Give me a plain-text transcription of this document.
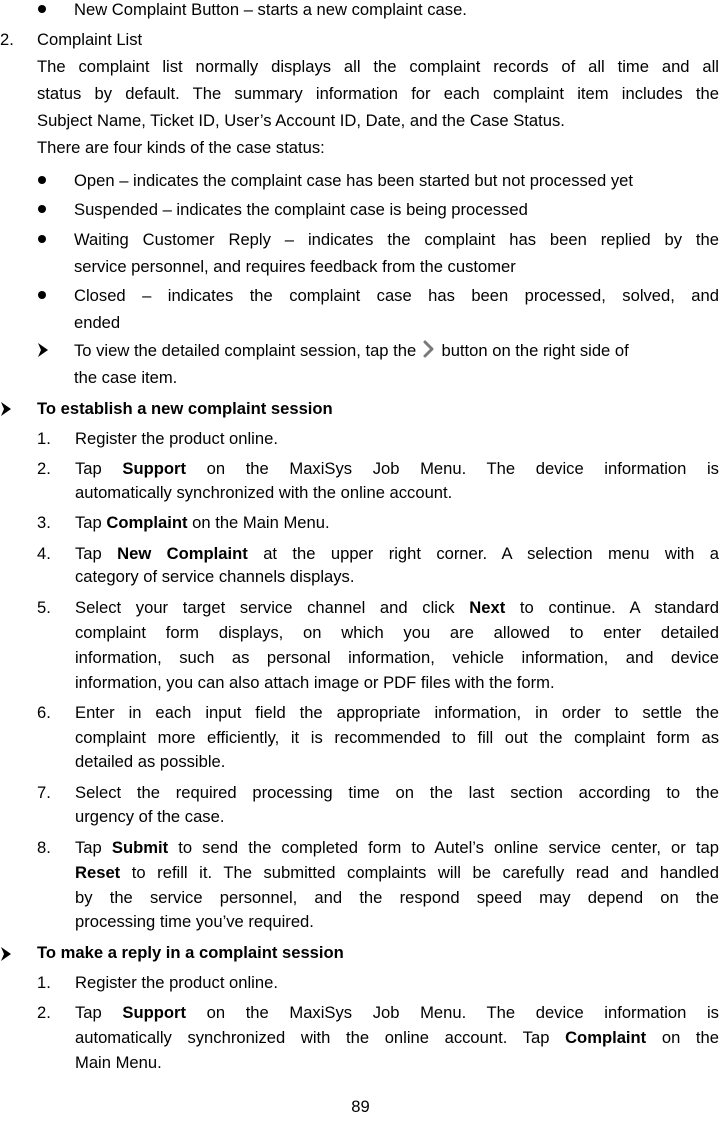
New Complaint Button – starts a new complaint case.
2. Complaint List
The complaint list normally displays all the complaint records of all time and all
status by default. The summary information for each complaint item includes the
Subject Name, Ticket ID, User’s Account ID, Date, and the Case Status.
There are four kinds of the case status:
Open – indicates the complaint case has been started but not processed yet
Suspended – indicates the complaint case is being processed
Waiting Customer Reply – indicates the complaint has been replied by the
service personnel, and requires feedback from the customer
Closed – indicates the complaint case has been processed, solved, and
ended
To view the detailed complaint session, tap the button on the right side of
the case item.
To establish a new complaint session
1. Register the product online.
2. Tap Support on the MaxiSys Job Menu. The device information is
automatically synchronized with the online account.
3. Tap Complaint on the Main Menu.
4. Tap New Complaint at the upper right corner. A selection menu with a
category of service channels displays.
5. Select your target service channel and click Next to continue. A standard
complaint form displays, on which you are allowed to enter detailed
information, such as personal information, vehicle information, and device
information, you can also attach image or PDF files with the form.
6. Enter in each input field the appropriate information, in order to settle the
complaint more efficiently, it is recommended to fill out the complaint form as
detailed as possible.
7. Select the required processing time on the last section according to the
urgency of the case.
8. Tap Submit to send the completed form to Autel’s online service center, or tap
Reset to refill it. The submitted complaints will be carefully read and handled
by the service personnel, and the respond speed may depend on the
processing time you’ve required.
To make a reply in a complaint session
1. Register the product online.
2. Tap Support on the MaxiSys Job Menu. The device information is
automatically synchronized with the online account. Tap Complaint on the
Main Menu.
89
